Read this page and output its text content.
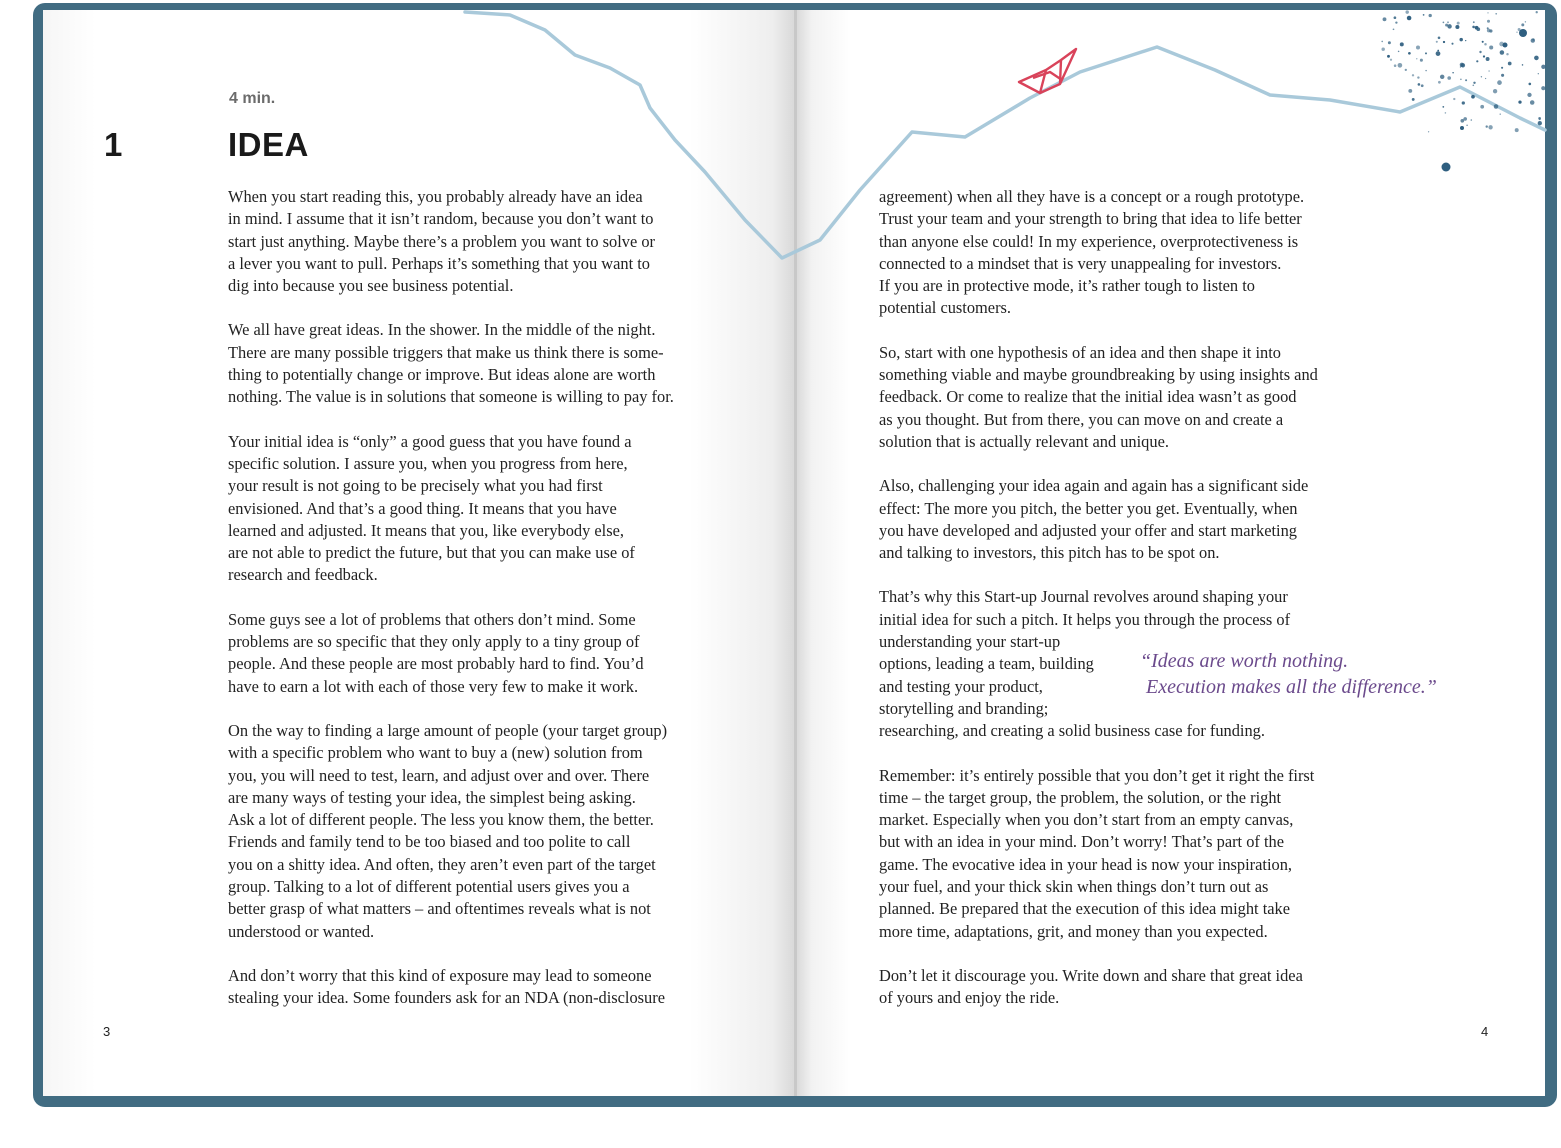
4 min.
1	IDEA
When you start reading this, you probably already have an idea
in mind. I assume that it isn’t random, because you don’t want to
start just anything. Maybe there’s a problem you want to solve or
a lever you want to pull. Perhaps it’s something that you want to
dig into because you see business potential.
We all have great ideas. In the shower. In the middle of the night.
There are many possible triggers that make us think there is some-
thing to potentially change or improve. But ideas alone are worth
nothing. The value is in solutions that someone is willing to pay for.
Your initial idea is “only” a good guess that you have found a
specific solution. I assure you, when you progress from here,
your result is not going to be precisely what you had first
envisioned. And that’s a good thing. It means that you have
learned and adjusted. It means that you, like everybody else,
are not able to predict the future, but that you can make use of
research and feedback.
Some guys see a lot of problems that others don’t mind. Some
problems are so specific that they only apply to a tiny group of
people. And these people are most probably hard to find. You’d
have to earn a lot with each of those very few to make it work.
On the way to finding a large amount of people (your target group)
with a specific problem who want to buy a (new) solution from
you, you will need to test, learn, and adjust over and over. There
are many ways of testing your idea, the simplest being asking.
Ask a lot of different people. The less you know them, the better.
Friends and family tend to be too biased and too polite to call
you on a shitty idea. And often, they aren’t even part of the target
group. Talking to a lot of different potential users gives you a
better grasp of what matters – and oftentimes reveals what is not
understood or wanted.
And don’t worry that this kind of exposure may lead to someone
stealing your idea. Some founders ask for an NDA (non-disclosure
agreement) when all they have is a concept or a rough prototype.
Trust your team and your strength to bring that idea to life better
than anyone else could! In my experience, overprotectiveness is
connected to a mindset that is very unappealing for investors.
If you are in protective mode, it’s rather tough to listen to
potential customers.
So, start with one hypothesis of an idea and then shape it into
something viable and maybe groundbreaking by using insights and
feedback. Or come to realize that the initial idea wasn’t as good
as you thought. But from there, you can move on and create a
solution that is actually relevant and unique.
Also, challenging your idea again and again has a significant side
effect: The more you pitch, the better you get. Eventually, when
you have developed and adjusted your offer and start marketing
and talking to investors, this pitch has to be spot on.
That’s why this Start-up Journal revolves around shaping your
initial idea for such a pitch. It helps you through the process of
understanding your start-up
options, leading a team, building
and testing your product,
storytelling and branding;
researching, and creating a solid business case for funding.
Remember: it’s entirely possible that you don’t get it right the first
time – the target group, the problem, the solution, or the right
market. Especially when you don’t start from an empty canvas,
but with an idea in your mind. Don’t worry! That’s part of the
game. The evocative idea in your head is now your inspiration,
your fuel, and your thick skin when things don’t turn out as
planned. Be prepared that the execution of this idea might take
more time, adaptations, grit, and money than you expected.
Don’t let it discourage you. Write down and share that great idea
of yours and enjoy the ride.
“Ideas are worth nothing.
Execution makes all the difference.”
3	4
